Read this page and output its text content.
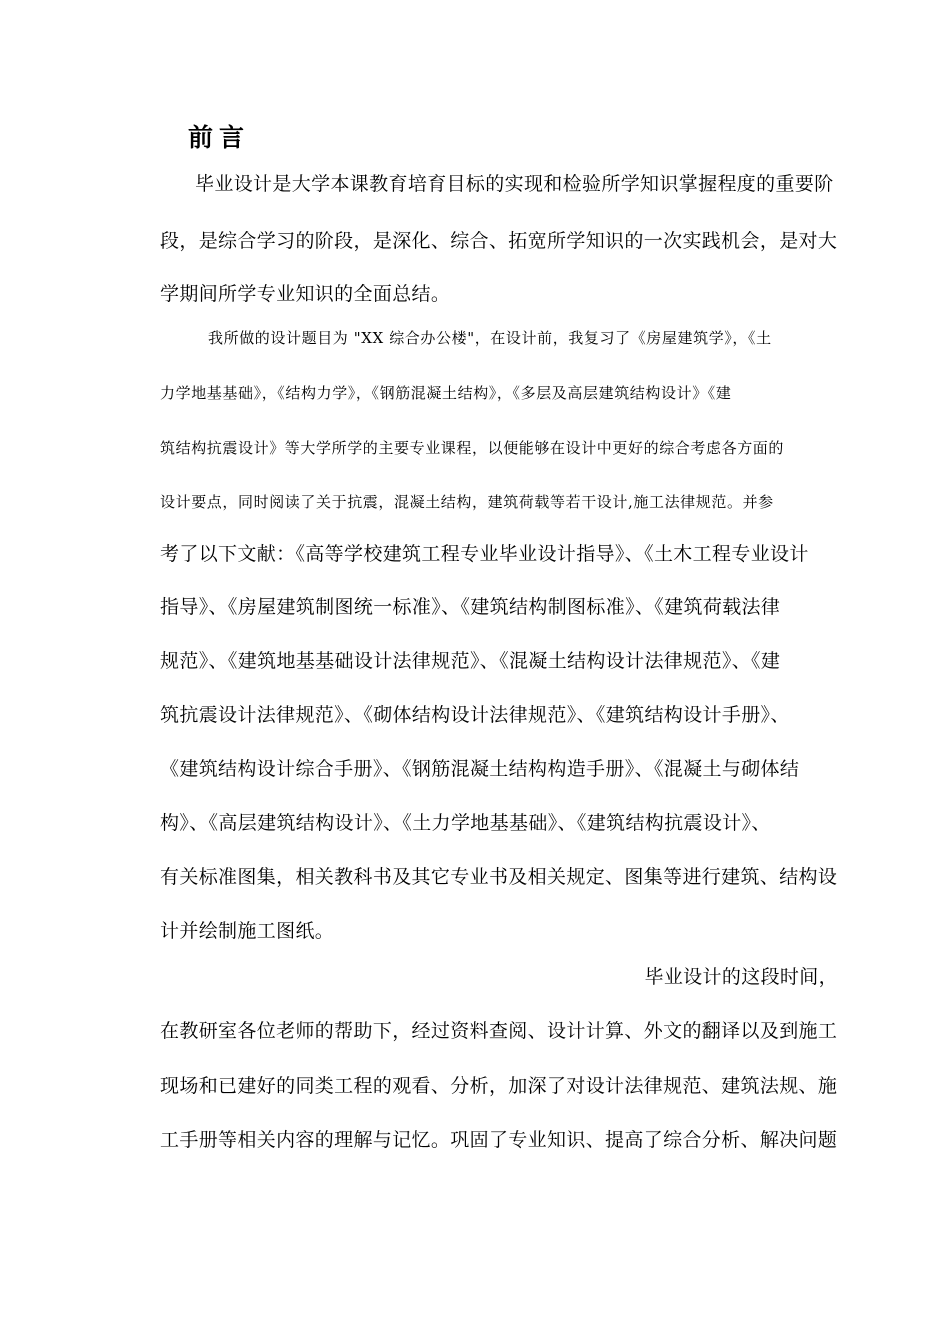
前言
毕业设计是大学本课教育培育目标的实现和检验所学知识掌握程度的重要阶
段，是综合学习的阶段，是深化、综合、拓宽所学知识的一次实践机会，是对大
学期间所学专业知识的全面总结。
我所做的设计题目为 "XX 综合办公楼"，在设计前，我复习了《房屋建筑学》，《土
力学地基基础》，《结构力学》，《钢筋混凝土结构》，《多层及高层建筑结构设计》《建
筑结构抗震设计》等大学所学的主要专业课程，以便能够在设计中更好的综合考虑各方面的
设计要点，同时阅读了关于抗震，混凝土结构，建筑荷载等若干设计,施工法律规范。并参
考了以下文献：《高等学校建筑工程专业毕业设计指导》、《土木工程专业设计
指导》、《房屋建筑制图统一标准》、《建筑结构制图标准》、《建筑荷载法律
规范》、《建筑地基基础设计法律规范》、《混凝土结构设计法律规范》、《建
筑抗震设计法律规范》、《砌体结构设计法律规范》、《建筑结构设计手册》、
《建筑结构设计综合手册》、《钢筋混凝土结构构造手册》、《混凝土与砌体结
构》、《高层建筑结构设计》、《土力学地基基础》、《建筑结构抗震设计》、
有关标准图集，相关教科书及其它专业书及相关规定、图集等进行建筑、结构设
计并绘制施工图纸。
毕业设计的这段时间，
在教研室各位老师的帮助下，经过资料查阅、设计计算、外文的翻译以及到施工
现场和已建好的同类工程的观看、分析，加深了对设计法律规范、建筑法规、施
工手册等相关内容的理解与记忆。巩固了专业知识、提高了综合分析、解决问题
